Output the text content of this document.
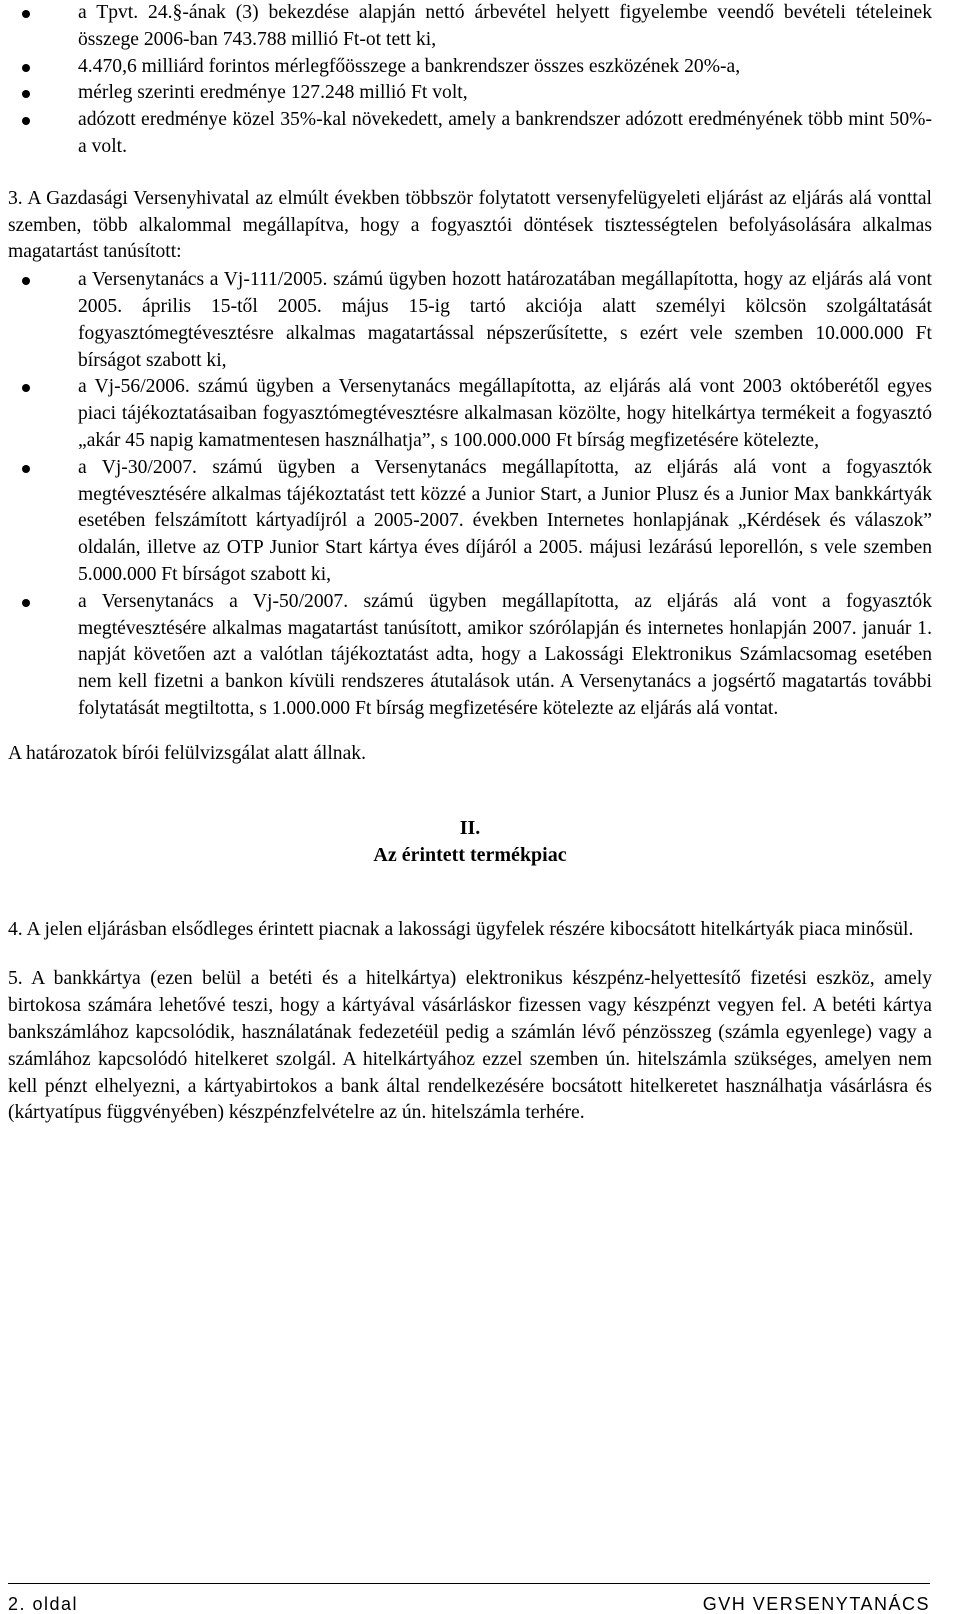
a Tpvt. 24.§-ának (3) bekezdése alapján nettó árbevétel helyett figyelembe veendő bevételi tételeinek összege 2006-ban 743.788 millió Ft-ot tett ki,
4.470,6 milliárd forintos mérlegfőösszege a bankrendszer összes eszközének 20%-a,
mérleg szerinti eredménye 127.248 millió Ft volt,
adózott eredménye közel 35%-kal növekedett, amely a bankrendszer adózott eredményének több mint 50%-a volt.

3. A Gazdasági Versenyhivatal az elmúlt években többször folytatott versenyfelügyeleti eljárást az eljárás alá vonttal szemben, több alkalommal megállapítva, hogy a fogyasztói döntések tisztességtelen befolyásolására alkalmas magatartást tanúsított:

a Versenytanács a Vj-111/2005. számú ügyben hozott határozatában megállapította, hogy az eljárás alá vont 2005. április 15-től 2005. május 15-ig tartó akciója alatt személyi kölcsön szolgáltatását fogyasztómegtévesztésre alkalmas magatartással népszerűsítette, s ezért vele szemben 10.000.000 Ft bírságot szabott ki,
a Vj-56/2006. számú ügyben a Versenytanács megállapította, az eljárás alá vont 2003 októberétől egyes piaci tájékoztatásaiban fogyasztómegtévesztésre alkalmasan közölte, hogy hitelkártya termékeit a fogyasztó „akár 45 napig kamatmentesen használhatja”, s 100.000.000 Ft bírság megfizetésére kötelezte,
a Vj-30/2007. számú ügyben a Versenytanács megállapította, az eljárás alá vont a fogyasztók megtévesztésére alkalmas tájékoztatást tett közzé a Junior Start, a Junior Plusz és a Junior Max bankkártyák esetében felszámított kártyadíjról a 2005-2007. években Internetes honlapjának „Kérdések és válaszok” oldalán, illetve az OTP Junior Start kártya éves díjáról a 2005. májusi lezárású leporellón, s vele szemben 5.000.000 Ft bírságot szabott ki,
a Versenytanács a Vj-50/2007. számú ügyben megállapította, az eljárás alá vont a fogyasztók megtévesztésére alkalmas magatartást tanúsított, amikor szórólapján és internetes honlapján 2007. január 1. napját követően azt a valótlan tájékoztatást adta, hogy a Lakossági Elektronikus Számlacsomag esetében nem kell fizetni a bankon kívüli rendszeres átutalások után. A Versenytanács a jogsértő magatartás további folytatását megtiltotta, s 1.000.000 Ft bírság megfizetésére kötelezte az eljárás alá vontat.

A határozatok bírói felülvizsgálat alatt állnak.

II.
Az érintett termékpiac

4. A jelen eljárásban elsődleges érintett piacnak a lakossági ügyfelek részére kibocsátott hitelkártyák piaca minősül.

5. A bankkártya (ezen belül a betéti és a hitelkártya) elektronikus készpénz-helyettesítő fizetési eszköz, amely birtokosa számára lehetővé teszi, hogy a kártyával vásárláskor fizessen vagy készpénzt vegyen fel. A betéti kártya bankszámlához kapcsolódik, használatának fedezetéül pedig a számlán lévő pénzösszeg (számla egyenlege) vagy a számlához kapcsolódó hitelkeret szolgál. A hitelkártyához ezzel szemben ún. hitelszámla szükséges, amelyen nem kell pénzt elhelyezni, a kártyabirtokos a bank által rendelkezésére bocsátott hitelkeretet használhatja vásárlásra és (kártyatípus függvényében) készpénzfelvételre az ún. hitelszámla terhére.

2. oldal	GVH VERSENYTANÁCS
